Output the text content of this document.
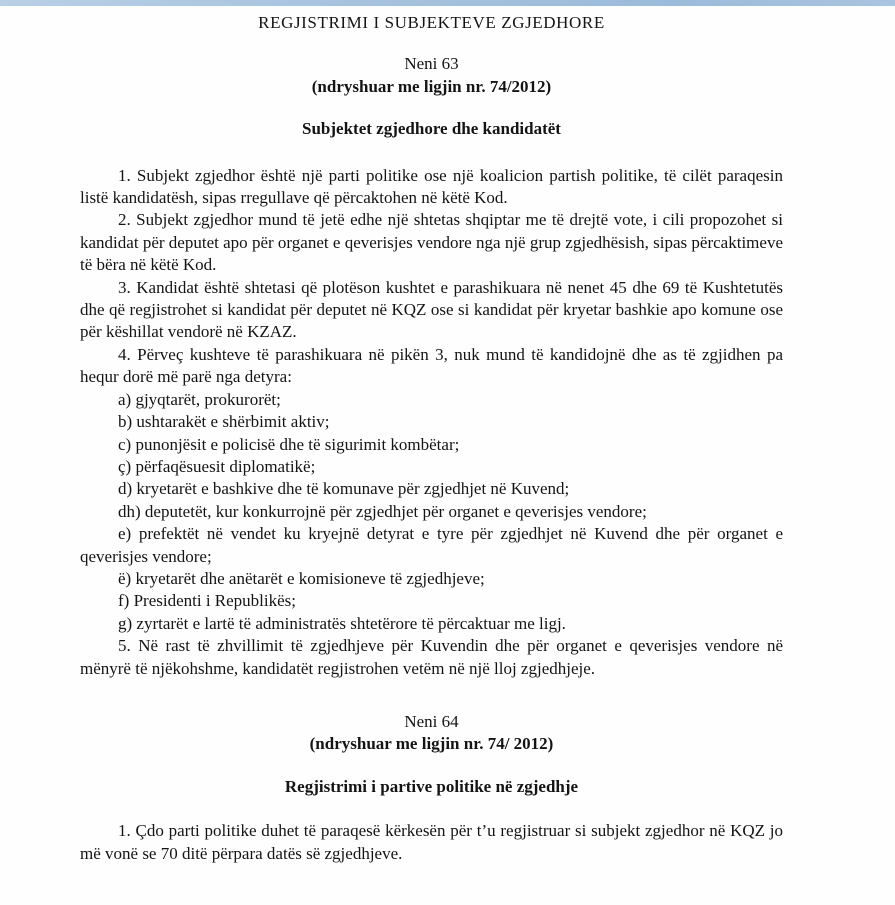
REGJISTRIMI I SUBJEKTEVE ZGJEDHORE
Neni 63
(ndryshuar me ligjin nr. 74/2012)
Subjektet zgjedhore dhe kandidatët

1. Subjekt zgjedhor është një parti politike ose një koalicion partish politike, të cilët paraqesin listë kandidatësh, sipas rregullave që përcaktohen në këtë Kod.

2. Subjekt zgjedhor mund të jetë edhe një shtetas shqiptar me të drejtë vote, i cili propozohet si kandidat për deputet apo për organet e qeverisjes vendore nga një grup zgjedhësish, sipas përcaktimeve të bëra në këtë Kod.

3. Kandidat është shtetasi që plotëson kushtet e parashikuara në nenet 45 dhe 69 të Kushtetutës dhe që regjistrohet si kandidat për deputet në KQZ ose si kandidat për kryetar bashkie apo komune ose për këshillat vendorë në KZAZ.

4. Përveç kushteve të parashikuara në pikën 3, nuk mund të kandidojnë dhe as të zgjidhen pa hequr dorë më parë nga detyra:

a) gjyqtarët, prokurorët;

b) ushtarakët e shërbimit aktiv;

c) punonjësit e policisë dhe të sigurimit kombëtar;

ç) përfaqësuesit diplomatikë;

d) kryetarët e bashkive dhe të komunave për zgjedhjet në Kuvend;

dh) deputetët, kur konkurrojnë për zgjedhjet për organet e qeverisjes vendore;

e) prefektët në vendet ku kryejnë detyrat e tyre për zgjedhjet në Kuvend dhe për organet e qeverisjes vendore;

ë) kryetarët dhe anëtarët e komisioneve të zgjedhjeve;

f) Presidenti i Republikës;

g) zyrtarët e lartë të administratës shtetërore të përcaktuar me ligj.

5. Në rast të zhvillimit të zgjedhjeve për Kuvendin dhe për organet e qeverisjes vendore në mënyrë të njëkohshme, kandidatët regjistrohen vetëm në një lloj zgjedhjeje.

Neni 64
(ndryshuar me ligjin nr. 74/ 2012)
Regjistrimi i partive politike në zgjedhje

1. Çdo parti politike duhet të paraqesë kërkesën për t’u regjistruar si subjekt zgjedhor në KQZ jo më vonë se 70 ditë përpara datës së zgjedhjeve.
